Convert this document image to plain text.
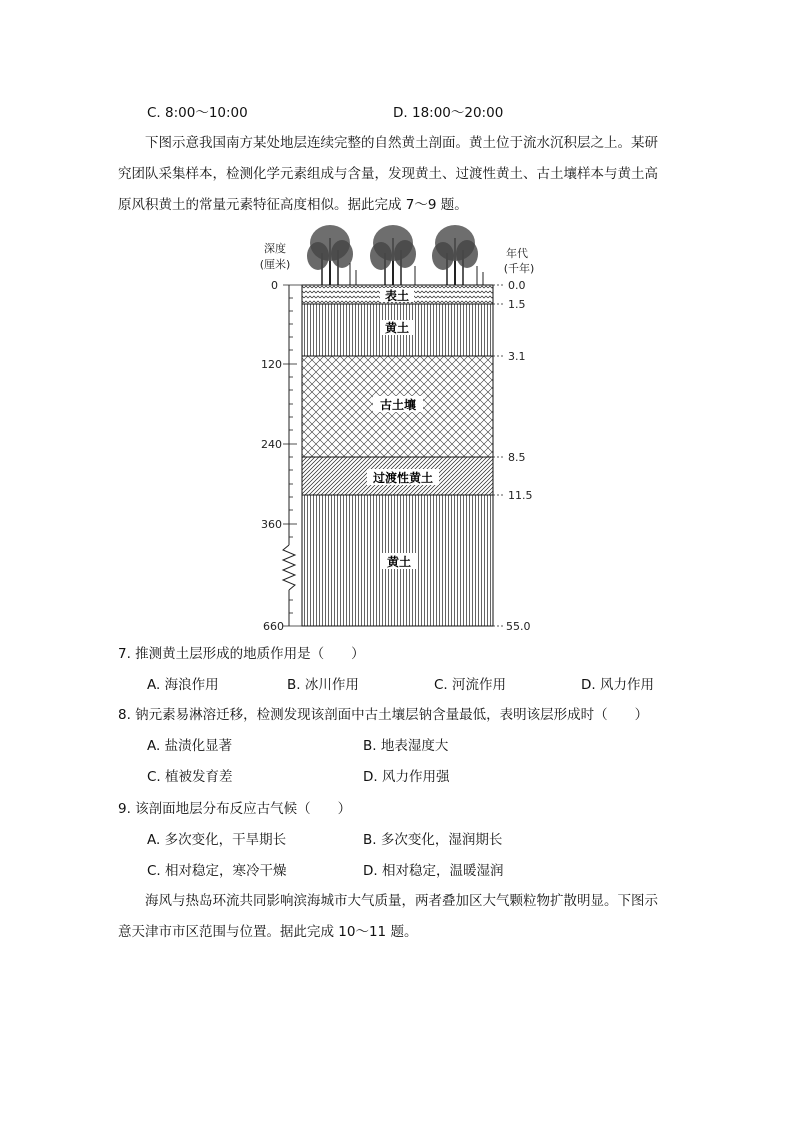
C. 8:00～10:00	D. 18:00～20:00

下图示意我国南方某处地层连续完整的自然黄土剖面。黄土位于流水沉积层之上。某研

究团队采集样本，检测化学元素组成与含量，发现黄土、过渡性黄土、古土壤样本与黄土高

原风积黄土的常量元素特征高度相似。据此完成 7～9 题。

表土
黄土
古土壤
过渡性黄土
黄土
深度
(厘米)
0
120
240
360
660
年代
(千年)
0.0
1.5
3.1
8.5
11.5
55.0
7. 推测黄土层形成的地质作用是（　　）
A. 海浪作用	B. 冰川作用	C. 河流作用	D. 风力作用
8. 钠元素易淋溶迁移，检测发现该剖面中古土壤层钠含量最低，表明该层形成时（　　）
A. 盐渍化显著	B. 地表湿度大
C. 植被发育差	D. 风力作用强
9. 该剖面地层分布反应古气候（　　）
A. 多次变化，干旱期长	B. 多次变化，湿润期长
C. 相对稳定，寒冷干燥	D. 相对稳定，温暖湿润

海风与热岛环流共同影响滨海城市大气质量，两者叠加区大气颗粒物扩散明显。下图示

意天津市市区范围与位置。据此完成 10～11 题。
